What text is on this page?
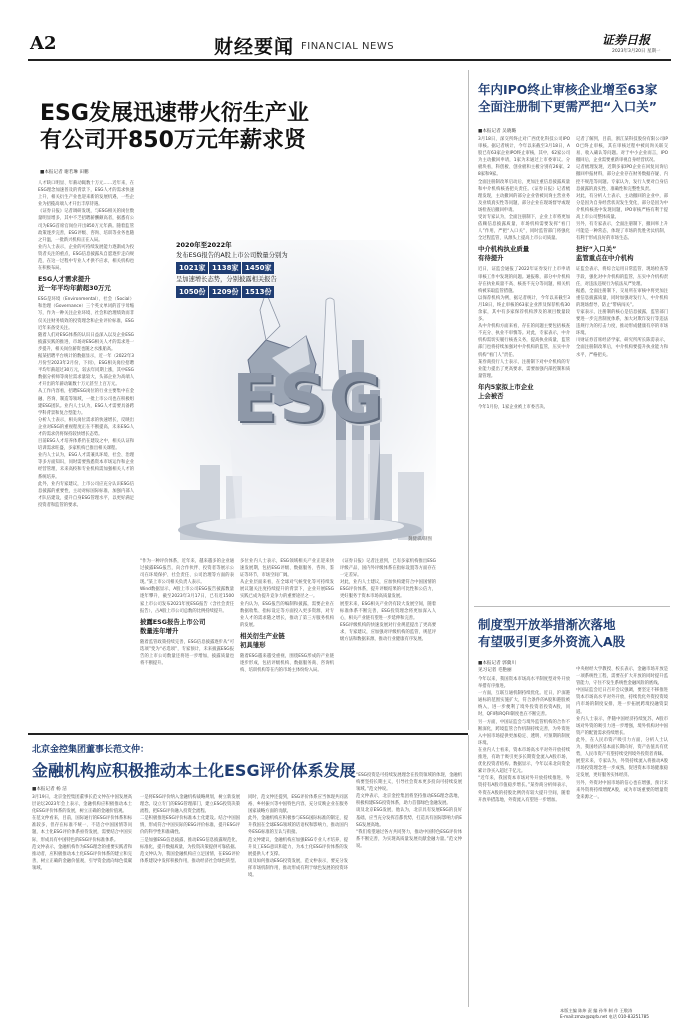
A2	财经要闻 FINANCIAL NEWS	证券日报
2023年3月20日 星期一
ESG发展迅速带火衍生产业
有公司开850万元年薪求贤
■本报记者 谢若琳 田鹏

人才缺口明显、年薪动辄数十万元……近年来，在ESG理念加速普及的背景下，ESG人才的需求快速上升，相关衍生产业也迎来新的发展机遇，一些企业为招揽高端人才开出丰厚待遇。

《证券日报》记者调研发现，与ESG相关的岗位数量明显增多，其中不乏招聘薪酬颇高者，据悉有公司为ESG首席官岗位开出850万元年薪。随着监管政策逐步完善，ESG评级、咨询、培训等业务也随之升温，一批新兴机构正在入局。

业内人士表示，企业的可持续发展能力逐渐成为投资者关注的重点，ESG信息披露从自愿逐步走向规范，在这一过程中专业人才供不应求，相关机构也在积极布局。

ESG人才需求提升

近一年平均年薪超30万元

ESG是环境（Environmental）、社会（Social）和治理（Governance）三个英文单词的首字母缩写，作为一种关注企业环境、社会和治理绩效而非仅关注财务绩效的投资理念和企业评价标准，ESG近年来备受关注。

随着人们对ESG体系的认识日益深入以及企业ESG披露实践的推进，市场对ESG相关人才的需求进一步提升，相关岗位薪资也随之水涨船高。

据某招聘平台统计的数据显示，近一年（2022年3月份至2023年2月份，下同），ESG相关岗位招聘平均年薪超过30万元，较去年同期上涨，其中ESG数据分析师等岗位需求量较大，头部企业为高端人才开出的年薪动辄数十万元甚至上百万元。

从工作内容看，招聘ESG岗位的行业主要集中在金融、咨询、制造等领域，一批上市公司也在积极组建ESG团队。业内人士认为，ESG人才需要具备跨学科背景和复合型能力。

分析人士表示，相关岗位需求的快速增长，反映出企业对ESG的重视程度正在不断提高，未来ESG人才的需求仍将保持较快增长态势。

目前ESG人才培养体系仍在建设之中，相关认证和培训需求旺盛，多家机构已推出相关课程。

业内人士认为，ESG人才需兼具环境、社会、治理等多方面知识，同时需要熟悉资本市场运作和企业经营管理，未来高校和专业机构需加强相关人才的系统培养。

此外，业内专家建议，上市公司应充分认识ESG信息披露的重要性，主动对标国际标准，加强内部人才队伍建设，提升自身ESG管理水平，以更好满足投资者和监管的要求。

ESG
2020年至2022年
发布ESG报告的A股上市公司数量分别为
呈加速增长态势，分别披露相关报告
1021家 1138家 1450家
1050份 1209份 1513份
魏健骐/制图

“作为一种评价体系，近年来，越来越多的企业通过披露ESG报告，向合作伙伴、投资者等展示公司在环境保护、社会责任、公司治理等方面的表现。”某上市公司相关负责人表示。

Wind数据显示，A股上市公司ESG报告披露数量逐年攀升，截至2023年3月17日，已有近1500家上市公司发布2021年度ESG报告（含社会责任报告），占A股上市公司总数的比例持续提升。

披露ESG报告上市公司

数量连年增升

随着监管政策持续完善，ESG信息披露逐步从“可选项”变为“必选项”，专家预计，未来披露ESG报告的上市公司数量还将进一步增加，披露质量也将不断提升。

多位业内人士表示，ESG领域相关产业正迎来快速发展期，包括ESG评级、数据服务、咨询、鉴证等环节，市场空间广阔。

从企业层面来看，在全球对气候变化等可持续发展议题关注度持续提升的背景下，企业开展ESG实践已成为提升竞争力的重要途径之一。

业内认为，ESG报告的编制和披露，需要企业在数据收集、指标设定等方面投入更多资源，对专业人才的需求随之增长，推动了第三方服务机构的发展。

相关衍生产业链

初具雏形

随着ESG越来越受重视，围绕ESG形成的产业链逐步形成，包括评级机构、数据服务商、咨询机构、培训机构等在内的市场主体纷纷入局。

《证券日报》记者注意到，已有多家机构推出ESG评级产品，国内外评级体系在指标设置等方面存在一定差异。

对此，业内人士建议，应加快构建符合中国国情的ESG评价体系，提升评级结果的可比性和公信力，更好服务于资本市场高质量发展。

展望未来，ESG相关产业仍有较大发展空间，随着标准体系不断完善，ESG投资理念将更加深入人心，相关产业链有望进一步延伸和完善。

ESG评级机构的快速发展对行业规范提出了更高要求，专家建议，应加强对评级机构的监管，规范评级方法和数据来源，推动行业健康有序发展。

年内IPO终止审核企业增至63家
全面注册制下更需严把“入口关”
■本报记者 吴晓璐

3月18日，深交所终止对广西优化科技公司IPO审核。据记者统计，今年以来截至3月18日，A股已有63家企业IPO终止审核，其中，62家公司为主动撤回申请，1家为未通过上市委审议。分板块看，科创板、创业板和主板分别有26家、28家和9家。

全面注册制改革启动后，更加注重信息披露质量和中介机构核查把关责任。《证券日报》记者梳理发现，主动撤回的部分企业曾被问询主营业务及业绩真实性等问题，部分企业在现场督导或现场检查后撤回申请。

受访专家认为，全面注册制下，企业上市将更加依赖信息披露质量，市场机构需要发挥“看门人”作用，严把“入口关”，同时监管部门将强化全过程监管，从源头上提高上市公司质量。

中介机构执业质量

有待提升

近日，证监会通报了2022年证券发行上市申请审核工作中发现的问题。通报称，部分中介机构存在执业质量不高、核查不充分等问题，相关机构被采取监管措施。

以保荐机构为例，据记者统计，今年以来截至3月18日，终止审核的63家企业涉及保荐机构30余家，其中有多家保荐机构涉及的项目数量较多。

从中介机构方面来看，存在的问题主要包括核查不充分、执业不审慎等。对此，专家表示，中介机构需切实履行核查义务，提高执业质量，监管部门也将持续加强对中介机构的监管，压实中介机构“看门人”责任。

某券商投行人士表示，注册制下对中介机构的专业能力提出了更高要求，需要加强内部控制和质量管理。

年内5家拟上市企业

上会被否

今年1月份，1家企业被上市委否决。

记者了解到，目前，浙江某科技股份有限公司IPO已终止审核，其在审核过程中被问询关联交易、收入确认等问题。对于中小企业而言，IPO撤回后，企业需要重新审视自身经营状况。

记者梳理发现，近期多家IPO企业在回复问询后撤回申报材料，部分企业存在财务数据存疑、内控不规范等问题。专家认为，发行人要对自身信息披露的真实性、准确性和完整性负责。

对此，有分析人士表示，主动撤回的企业中，部分是因为自身经营状况发生变化，部分是因为中介机构核查中发现问题，IPO审核严格有利于提高上市公司整体质量。

另外，有专家表示，全面注册制下，撤回率上升可能是一种常态，体现了市场的优胜劣汰机制，有利于形成良好的市场生态。

把好“入口关”

监管重点在中介机构

证监会表示，将综合运用日常监管、现场检查等手段，强化对中介机构的监管，压实中介机构责任，对违法违规行为依法从严处理。

据悉，全面注册制下，交易所在审核中将更加注重信息披露质量，同时加强对发行人、中介机构的现场督导，防止“带病闯关”。

专家表示，注册制的核心是信息披露，监管部门要进一步完善制度体系，加大对欺诈发行等违法违规行为的打击力度，推动形成健康有序的市场环境。

川财证券首席经济学家、研究所所长陈雳表示，全面注册制改革后，中介机构要提升执业能力和水平，严格把关。

制度型开放举措渐次落地
有望吸引更多外资流入A股
■本报记者 郭冀川
见习记者 毛艳丽

今年以来，我国资本市场高水平制度型对外开放举措有序推进。

一方面，互联互通机制持续优化。近日，沪深港通标的范围实施扩大，符合条件的A股和港股被纳入，进一步便利了境外投资者投资A股，同时，QFII和RQFII制度也在不断完善。

另一方面，中国证监会与境外监管机构的合作不断深化，跨境监管合作机制持续完善，为外资进入中国市场提供更加稳定、透明、可预期的制度环境。

在业内人士看来，资本市场高水平对外开放持续推进，有助于吸引更多长期资金流入A股市场，优化投资者结构。数据显示，今年以来北向资金累计净买入超过千亿元。

“近年来，我国资本市场对外开放持续推进，外资持有A股市值稳步增长。”某券商分析师表示，外资在A股的持股比例仍有较大提升空间，随着开放举措落地，外资流入有望进一步增加。

中央财经大学教授、校长表示，金融市场开放是一项系统性工程，需要在扩大开放的同时提升监管能力，守住不发生系统性金融风险的底线。

中国证监会近日召开会议强调，要坚定不移推进资本市场高水平对外开放，持续优化外资投资境内市场的制度安排，进一步拓展跨境投融资渠道。

业内人士表示，伴随中国经济持续复苏，A股市场对外资的吸引力进一步增强，境外机构对中国资产的配置需求持续增长。

此外，在人民币资产吸引力方面，分析人士认为，我国经济基本面长期向好，资产估值具有优势，人民币资产有望持续受到境外投资者青睐。

展望未来，专家认为，外资持续流入将推动A股市场投资理念进一步成熟，促进资本市场健康稳定发展，更好服务实体经济。

另外，外资对中国市场的信心也在增强，预计未来外资将持续增配A股，成为市场重要的增量资金来源之一。

北京金控集团董事长范文仲：
金融机构应积极推动本土化ESG评价体系发展
■本报记者 杨 洁

3月19日，北京金控集团董事长范文仲在中国发展高层论坛2023年会上表示，金融机构应积极推动本土化ESG评价体系的发展，树立正确的金融价值观。

在范文仲看来，目前，国际通行的ESG评价体系和标准较多，但存在标准不统一、不适合中国国情等问题，本土化ESG评价体系亟待发展，需要结合中国实际，形成具有中国特色的ESG评价标准体系。

范文仲表示，金融机构作为ESG理念的重要实践者和推动者，应积极推动本土化ESG评价体系的建立和完善，树立正确的金融价值观，引导资金流向绿色低碳领域。

一是将ESG评价纳入金融机构战略规划，树立新发展理念。设立专门的ESG管理部门，建立ESG投资决策流程，把ESG评价融入投资全流程。

二是积极推进ESG评价标准本土化建设。结合中国国情，形成符合中国实际的ESG评价标准，提升ESG评价的科学性和准确性。

三是加强ESG信息披露，推动ESG信息披露规范化、标准化，提升数据质量，为投资决策提供可靠依据。

范文仲认为，我国金融机构应立足国情，在ESG评价体系建设中发挥积极作用，推动经济社会绿色转型。

同时，范文仲还提到，ESG评价体系应当体现共同富裕、乡村振兴等中国特色内容，充分反映企业在服务国家战略方面的贡献。

此外，金融机构应积极参与ESG国际标准的制定，提升我国在全球ESG领域的话语权和影响力，推动国内外ESG标准的互认与衔接。

范文仲建议，金融机构应加强ESG专业人才培养，提升员工ESG意识和能力，为本土化ESG评价体系的发展提供人才支撑。

谈及如何推动ESG投资发展，范文仲表示，要充分发挥市场机制作用，推动形成有利于绿色发展的投资环境。

“ESG投资是可持续发展理念在投资领域的体现，金融机构要坚持长期主义，引导社会资本更多投向可持续发展领域。”范文仲说。

范文仲表示，北京金控集团将坚持推动ESG理念落地，积极构建ESG投资体系，助力首都绿色金融发展。

谈及北京ESG发展，他认为，北京具有发展ESG的良好基础，应当充分发挥首都优势，打造具有国际影响力的ESG发展高地。

“我们希望通过各方共同努力，推动中国特色ESG评价体系不断完善，为实现高质量发展贡献金融力量。”范文仲说。

本版主编 陈炜 责 编 孙华 制 作 王敬涛
E-mail:zmzx@zqrb.net 电话 010-83251785
